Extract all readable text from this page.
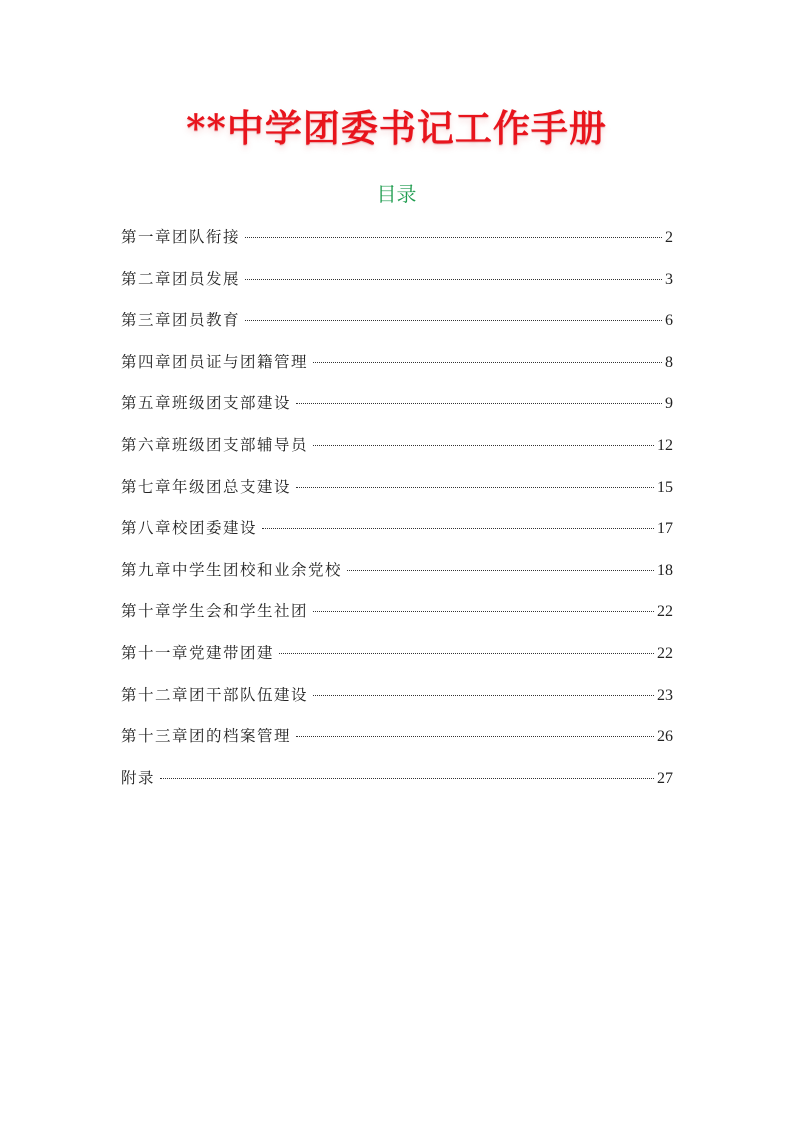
**中学团委书记工作手册
目录
第一章团队衔接	2
第二章团员发展	3
第三章团员教育	6
第四章团员证与团籍管理	8
第五章班级团支部建设	9
第六章班级团支部辅导员	12
第七章年级团总支建设	15
第八章校团委建设	17
第九章中学生团校和业余党校	18
第十章学生会和学生社团	22
第十一章党建带团建	22
第十二章团干部队伍建设	23
第十三章团的档案管理	26
附录	27
